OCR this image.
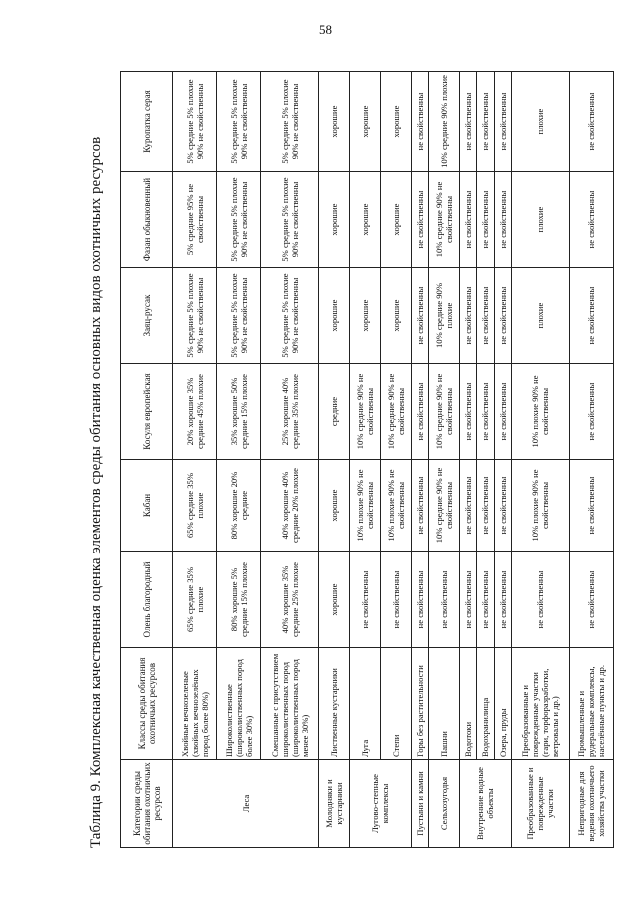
58
Таблица 9. Комплексная качественная оценка элементов среды обитания основных видов охотничьих ресурсов	Категории среды обитания охотничьих ресурсов	Классы среды обитания охотничьих ресурсов	Олень благородный	Кабан	Косуля европейская	Заяц-русак	Фазан обыкновенный	Куропатка серая
Леса	Хвойные вечнозеленые (хвойных вечнозелёных пород более 80%)	65% средние 35% плохие	65% средние 35% плохие	20% хорошие 35% средние 45% плохие	5% средние 5% плохие 90% не свойственны	5% средние 95% не свойственны	5% средние 5% плохие 90% не свойственны
	Широколиственные (широколиственных пород более 30%)	80% хорошие 5% средние 15% плохие	80% хорошие 20% средние	35% хорошие 50% средние 15% плохие	5% средние 5% плохие 90% не свойственны	5% средние 5% плохие 90% не свойственны	5% средние 5% плохие 90% не свойственны
	Смешанные с присутствием широколиственных пород (широколиственных пород менее 30%)	40% хорошие 35% средние 25% плохие	40% хорошие 40% средние 20% плохие	25% хорошие 40% средние 35% плохие	5% средние 5% плохие 90% не свойственны	5% средние 5% плохие 90% не свойственны	5% средние 5% плохие 90% не свойственны
Молодняки и кустарники	Лиственные кустарники	хорошие	хорошие	средние	хорошие	хорошие	хорошие
Лугово-степные комплексы	Луга	не свойственны	10% плохие 90% не свойственны	10% средние 90% не свойственны	хорошие	хорошие	хорошие
	Степи	не свойственны	10% плохие 90% не свойственны	10% средние 90% не свойственны	хорошие	хорошие	хорошие
Пустыни и камни	Горы без растительности	не свойственны	не свойственны	не свойственны	не свойственны	не свойственны	не свойственны
Сельхозугодья	Пашни	не свойственны	10% средние 90% не свойственны	10% средние 90% не свойственны	10% средние 90% плохие	10% средние 90% не свойственны	10% средние 90% плохие
Внутренние водные объекты	Водотоки	не свойственны	не свойственны	не свойственны	не свойственны	не свойственны	не свойственны
	Водохранилища	не свойственны	не свойственны	не свойственны	не свойственны	не свойственны	не свойственны
	Озера, пруды	не свойственны	не свойственны	не свойственны	не свойственны	не свойственны	не свойственны
Преобразованные и поврежденные участки	Преобразованные и поврежденные участки (гари, торфоразработки, ветровалы и др.)	не свойственны	10% плохие 90% не свойственны	10% плохие 90% не свойственны	плохие	плохие	плохие
Непригодные для ведения охотничьего хозяйства участки	Промышленные и рудеральные комплексы, населённые пункты и др.	не свойственны	не свойственны	не свойственны	не свойственны	не свойственны	не свойственны
